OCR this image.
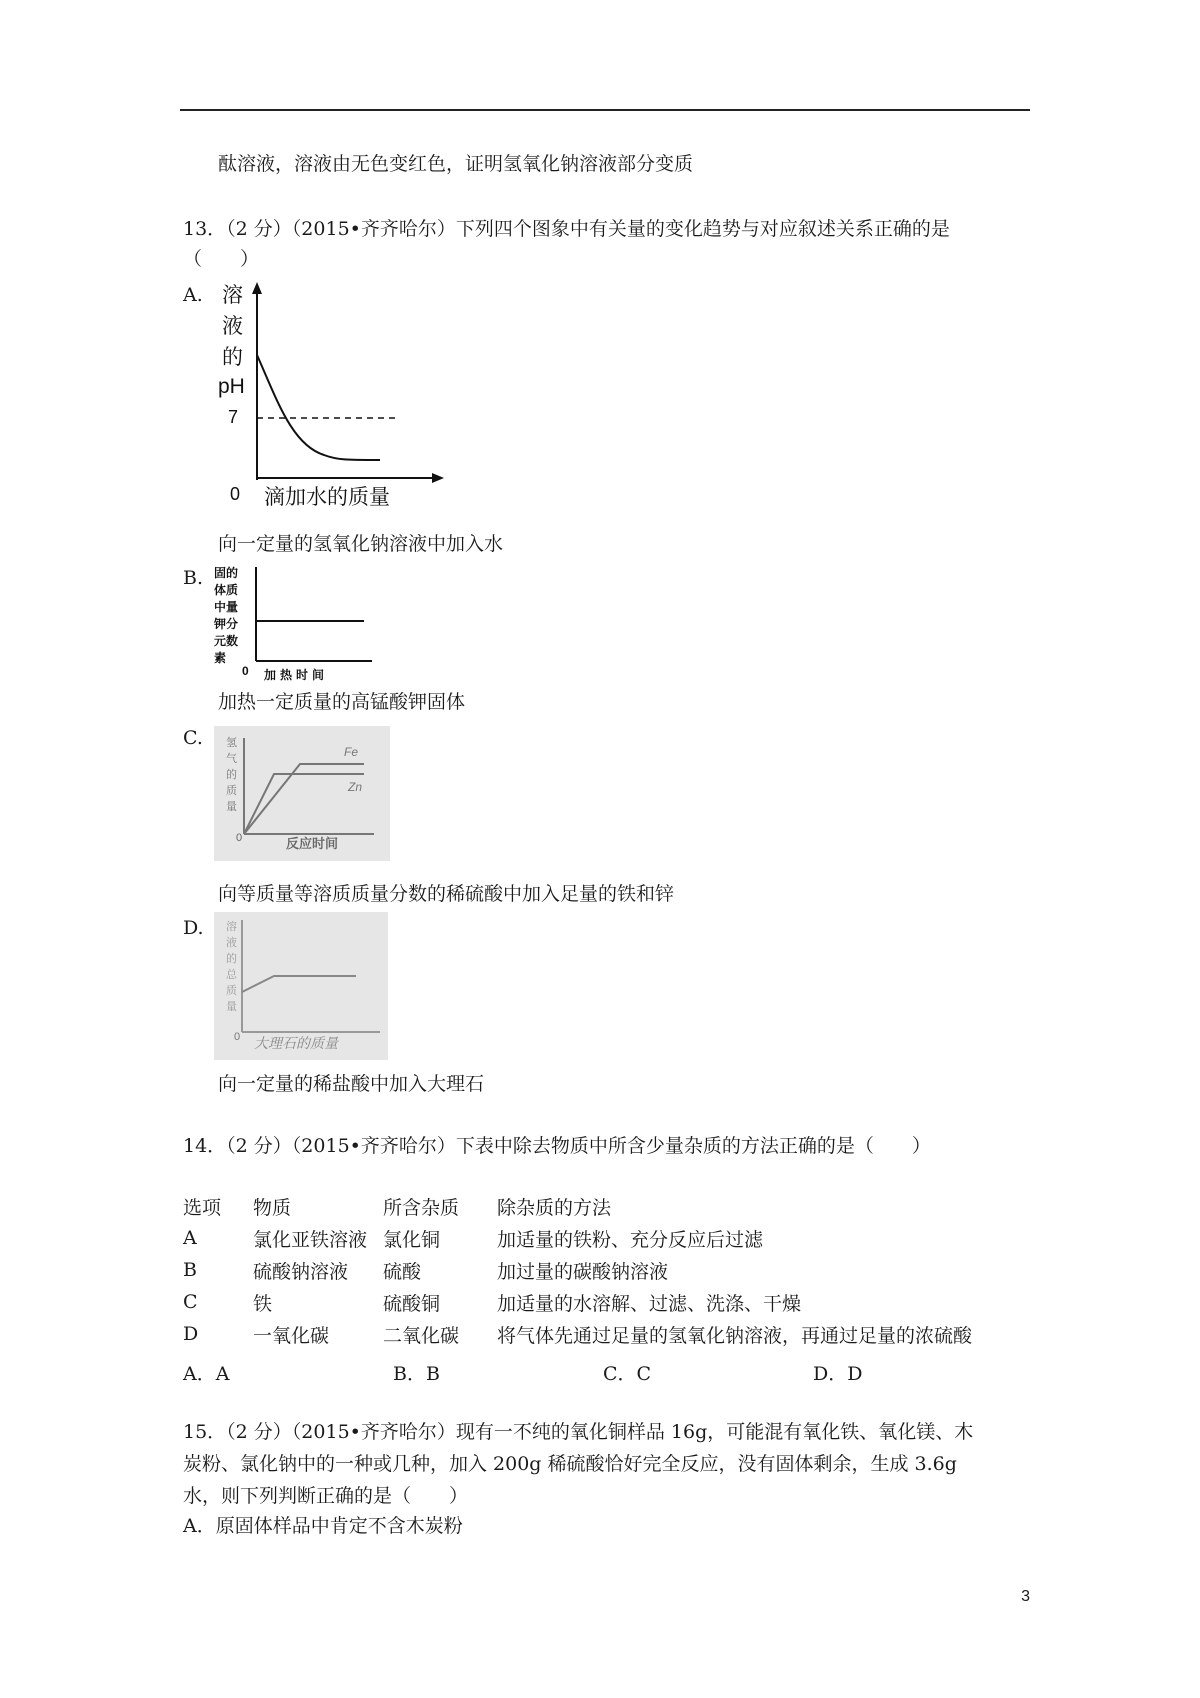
酞溶液，溶液由无色变红色，证明氢氧化钠溶液部分变质
13．（2 分）（2015•齐齐哈尔）下列四个图象中有关量的变化趋势与对应叙述关系正确的是
（　　）
A. 溶
液
的
pH
7
0 滴加水的质量
向一定量的氢氧化钠溶液中加入水
B. 固的
体质
中量
钾分
元数
素
0 加热时间
加热一定质量的高锰酸钾固体
C. 氢
气
的
质
量
0	反应时间
Fe
Zn
向等质量等溶质质量分数的稀硫酸中加入足量的铁和锌
D. 溶
液
的
总
质
量
0 大理石的质量
向一定量的稀盐酸中加入大理石
14．（2 分）（2015•齐齐哈尔）下表中除去物质中所含少量杂质的方法正确的是（　　）
选项	物质	所含杂质	除杂质的方法
A	氯化亚铁溶液	氯化铜	加适量的铁粉、充分反应后过滤
B	硫酸钠溶液	硫酸	加过量的碳酸钠溶液
C	铁	硫酸铜	加适量的水溶解、过滤、洗涤、干燥
D	一氧化碳	二氧化碳	将气体先通过足量的氢氧化钠溶液，再通过足量的浓硫酸
A．A	B．B	C．C	D．D
15．（2 分）（2015•齐齐哈尔）现有一不纯的氧化铜样品 16g，可能混有氧化铁、氧化镁、木
炭粉、氯化钠中的一种或几种，加入 200g 稀硫酸恰好完全反应，没有固体剩余，生成 3.6g
水，则下列判断正确的是（　　）
A．原固体样品中肯定不含木炭粉
3
